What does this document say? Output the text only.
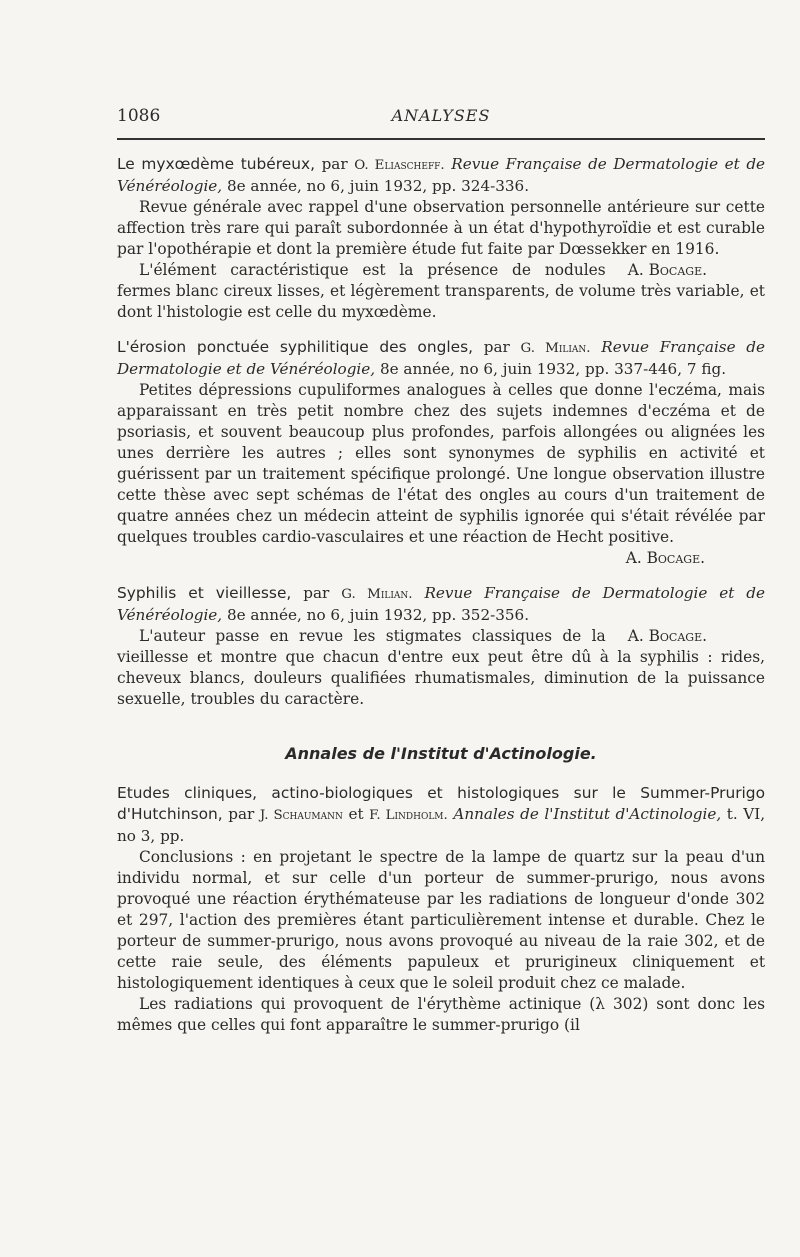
1086	ANALYSES

Le myxœdème tubéreux, par O. Eliascheff. Revue Française de Dermatologie et de Vénéréologie, 8e année, no 6, juin 1932, pp. 324-336.

Revue générale avec rappel d'une observation personnelle antérieure sur cette affection très rare qui paraît subordonnée à un état d'hypothyroïdie et est curable par l'opothérapie et dont la première étude fut faite par Dœssekker en 1916.

A. Bocage.
L'élément caractéristique est la présence de nodules fermes blanc cireux lisses, et légèrement transparents, de volume très variable, et dont l'histologie est celle du myxœdème.

L'érosion ponctuée syphilitique des ongles, par G. Milian. Revue Française de Dermatologie et de Vénéréologie, 8e année, no 6, juin 1932, pp. 337-446, 7 fig.

Petites dépressions cupuliformes analogues à celles que donne l'eczéma, mais apparaissant en très petit nombre chez des sujets indemnes d'eczéma et de psoriasis, et souvent beaucoup plus profondes, parfois allongées ou alignées les unes derrière les autres ; elles sont synonymes de syphilis en activité et guérissent par un traitement spécifique prolongé. Une longue observation illustre cette thèse avec sept schémas de l'état des ongles au cours d'un traitement de quatre années chez un médecin atteint de syphilis ignorée qui s'était révélée par quelques troubles cardio-vasculaires et une réaction de Hecht positive.

A. Bocage.

Syphilis et vieillesse, par G. Milian. Revue Française de Dermatologie et de Vénéréologie, 8e année, no 6, juin 1932, pp. 352-356.

A. Bocage.
L'auteur passe en revue les stigmates classiques de la vieillesse et montre que chacun d'entre eux peut être dû à la syphilis : rides, cheveux blancs, douleurs qualifiées rhumatismales, diminution de la puissance sexuelle, troubles du caractère.

Annales de l'Institut d'Actinologie.

Etudes cliniques, actino-biologiques et histologiques sur le Summer-Prurigo d'Hutchinson, par J. Schaumann et F. Lindholm. Annales de l'Institut d'Actinologie, t. VI, no 3, pp.

Conclusions : en projetant le spectre de la lampe de quartz sur la peau d'un individu normal, et sur celle d'un porteur de summer-prurigo, nous avons provoqué une réaction érythémateuse par les radiations de longueur d'onde 302 et 297, l'action des premières étant particulièrement intense et durable. Chez le porteur de summer-prurigo, nous avons provoqué au niveau de la raie 302, et de cette raie seule, des éléments papuleux et prurigineux cliniquement et histologiquement identiques à ceux que le soleil produit chez ce malade.

Les radiations qui provoquent de l'érythème actinique (λ 302) sont donc les mêmes que celles qui font apparaître le summer-prurigo (il
